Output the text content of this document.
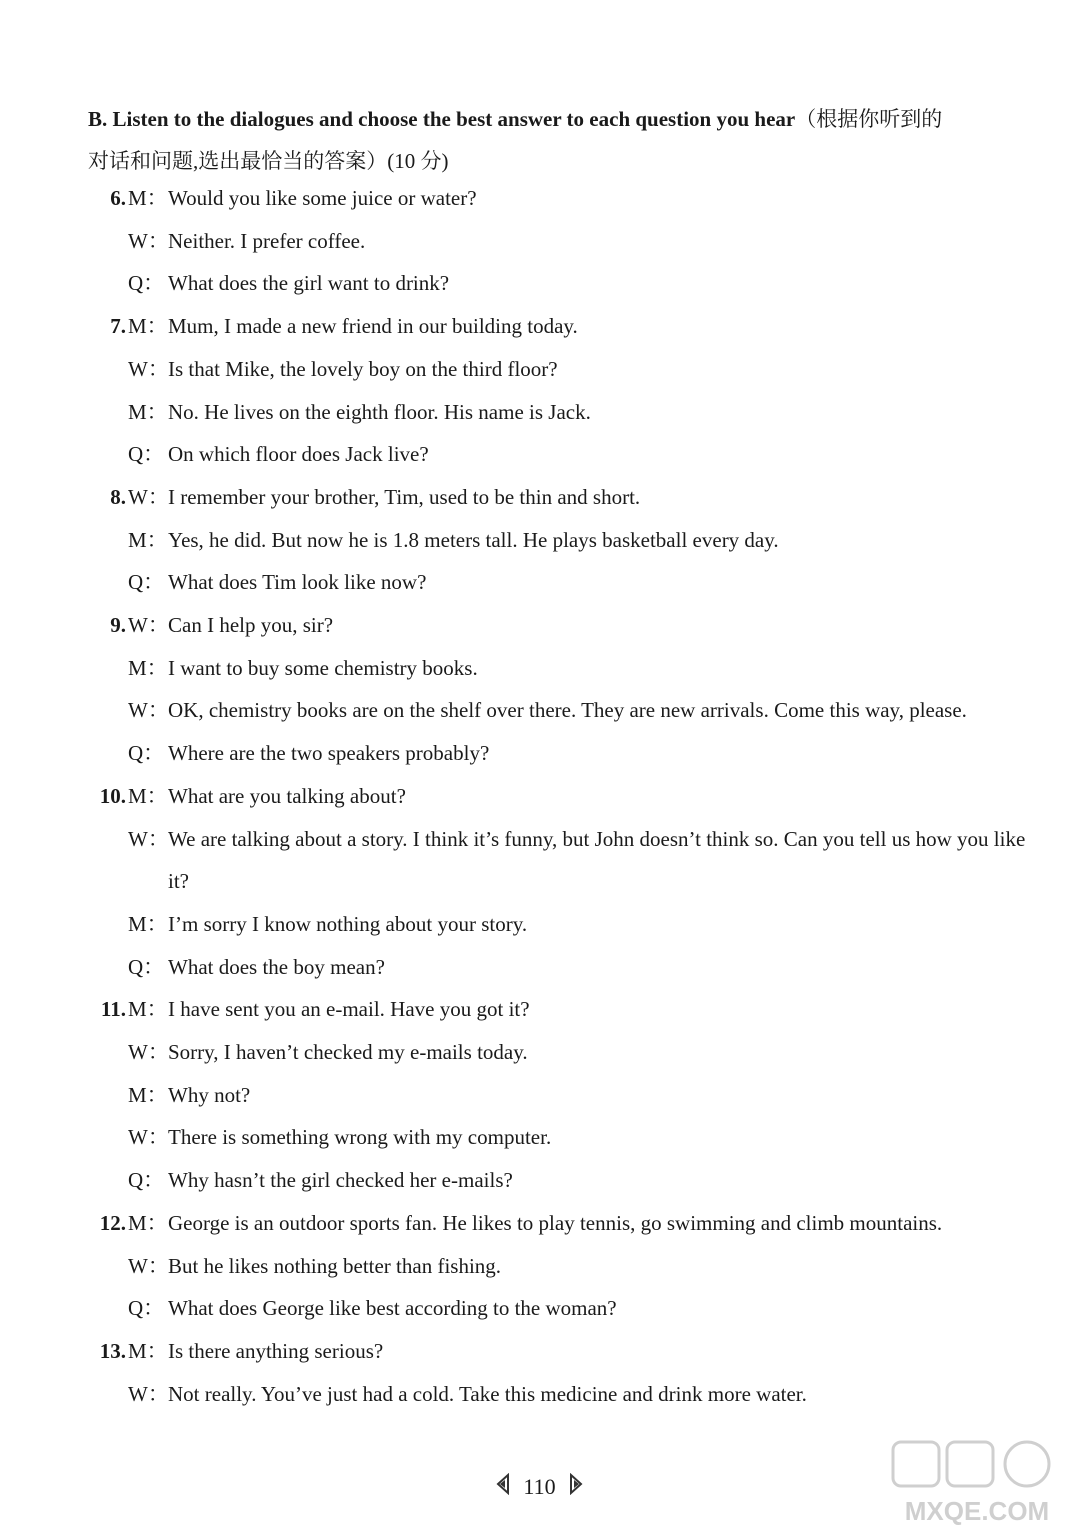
B. Listen to the dialogues and choose the best answer to each question you hear（根据你听到的
对话和问题,选出最恰当的答案）(10 分)
6. M： Would you like some juice or water?
W： Neither. I prefer coffee.
Q： What does the girl want to drink?
7. M： Mum, I made a new friend in our building today.
W： Is that Mike, the lovely boy on the third floor?
M： No. He lives on the eighth floor. His name is Jack.
Q： On which floor does Jack live?
8. W： I remember your brother, Tim, used to be thin and short.
M： Yes, he did. But now he is 1.8 meters tall. He plays basketball every day.
Q： What does Tim look like now?
9. W： Can I help you, sir?
M： I want to buy some chemistry books.
W： OK, chemistry books are on the shelf over there. They are new arrivals. Come this way, please.
Q： Where are the two speakers probably?
10. M： What are you talking about?
W： We are talking about a story. I think it’s funny, but John doesn’t think so. Can you tell us how you like it?
M： I’m sorry I know nothing about your story.
Q： What does the boy mean?
11. M： I have sent you an e-mail. Have you got it?
W： Sorry, I haven’t checked my e-mails today.
M： Why not?
W： There is something wrong with my computer.
Q： Why hasn’t the girl checked her e-mails?
12. M： George is an outdoor sports fan. He likes to play tennis, go swimming and climb mountains.
W： But he likes nothing better than fishing.
Q： What does George like best according to the woman?
13. M： Is there anything serious?
W： Not really. You’ve just had a cold. Take this medicine and drink more water.
110
MXQE.COM
